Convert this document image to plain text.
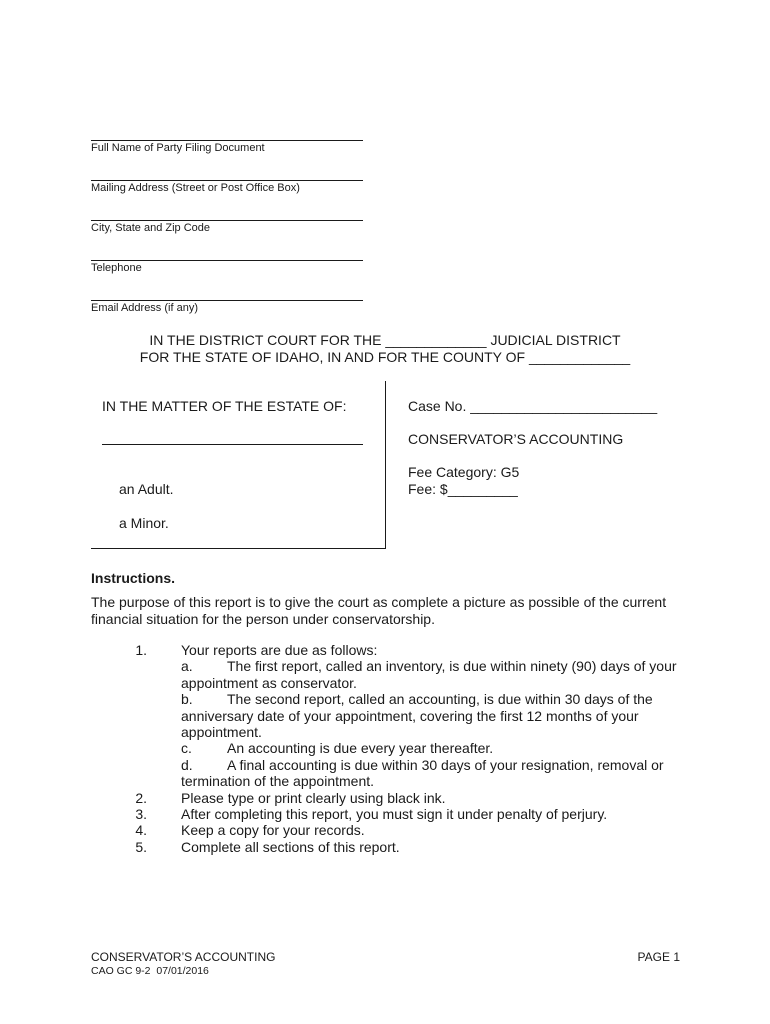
Full Name of Party Filing Document
Mailing Address (Street or Post Office Box)
City, State and Zip Code
Telephone
Email Address (if any)
IN THE DISTRICT COURT FOR THE _____________ JUDICIAL DISTRICT
FOR THE STATE OF IDAHO, IN AND FOR THE COUNTY OF _____________
IN THE MATTER OF THE ESTATE OF:
an Adult.
a Minor.
Case No. ________________________
CONSERVATOR’S ACCOUNTING
Fee Category: G5
Fee: $_________
Instructions.
The purpose of this report is to give the court as complete a picture as possible of the current
financial situation for the person under conservatorship.
1. Your reports are due as follows:
a. The first report, called an inventory, is due within ninety (90) days of your
appointment as conservator.
b. The second report, called an accounting, is due within 30 days of the
anniversary date of your appointment, covering the first 12 months of your
appointment.
c.	An accounting is due every year thereafter.
d. A final accounting is due within 30 days of your resignation, removal or
termination of the appointment.
2. Please type or print clearly using black ink.
3. After completing this report, you must sign it under penalty of perjury.
4. Keep a copy for your records.
5. Complete all sections of this report.
CONSERVATOR’S ACCOUNTING
CAO GC 9-2  07/01/2016
PAGE 1
